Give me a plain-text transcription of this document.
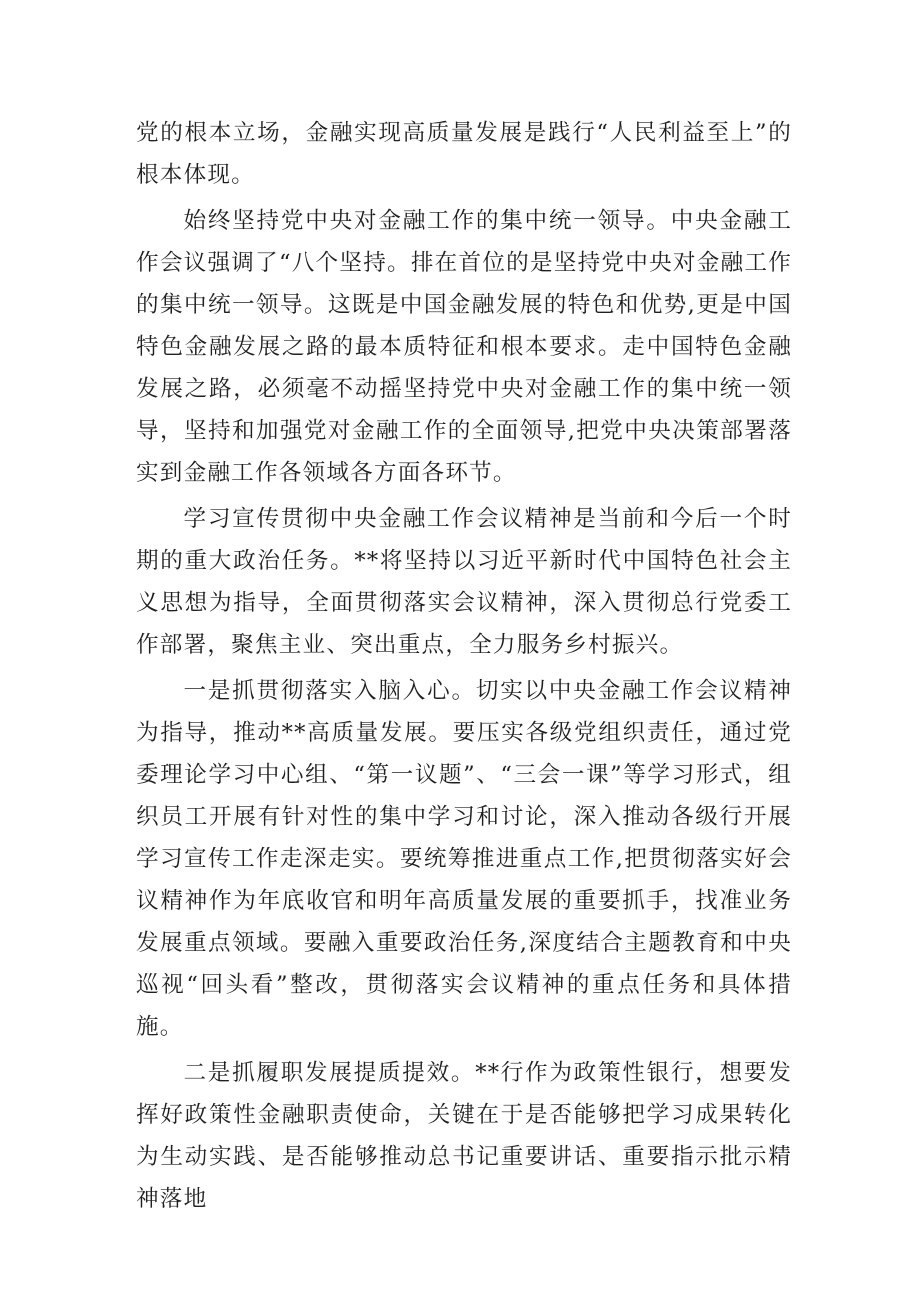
党的根本立场，金融实现高质量发展是践行“人民利益至上”的根本体现。

始终坚持党中央对金融工作的集中统一领导。中央金融工作会议强调了“八个坚持。排在首位的是坚持党中央对金融工作的集中统一领导。这既是中国金融发展的特色和优势,更是中国特色金融发展之路的最本质特征和根本要求。走中国特色金融发展之路，必须毫不动摇坚持党中央对金融工作的集中统一领导，坚持和加强党对金融工作的全面领导,把党中央决策部署落实到金融工作各领域各方面各环节。

学习宣传贯彻中央金融工作会议精神是当前和今后一个时期的重大政治任务。**将坚持以习近平新时代中国特色社会主义思想为指导，全面贯彻落实会议精神，深入贯彻总行党委工作部署，聚焦主业、突出重点，全力服务乡村振兴。

一是抓贯彻落实入脑入心。切实以中央金融工作会议精神为指导，推动**高质量发展。要压实各级党组织责任，通过党委理论学习中心组、“第一议题”、“三会一课”等学习形式，组织员工开展有针对性的集中学习和讨论，深入推动各级行开展学习宣传工作走深走实。要统筹推进重点工作,把贯彻落实好会议精神作为年底收官和明年高质量发展的重要抓手，找准业务发展重点领域。要融入重要政治任务,深度结合主题教育和中央巡视“回头看”整改，贯彻落实会议精神的重点任务和具体措施。

二是抓履职发展提质提效。**行作为政策性银行，想要发挥好政策性金融职责使命，关键在于是否能够把学习成果转化为生动实践、是否能够推动总书记重要讲话、重要指示批示精神落地
